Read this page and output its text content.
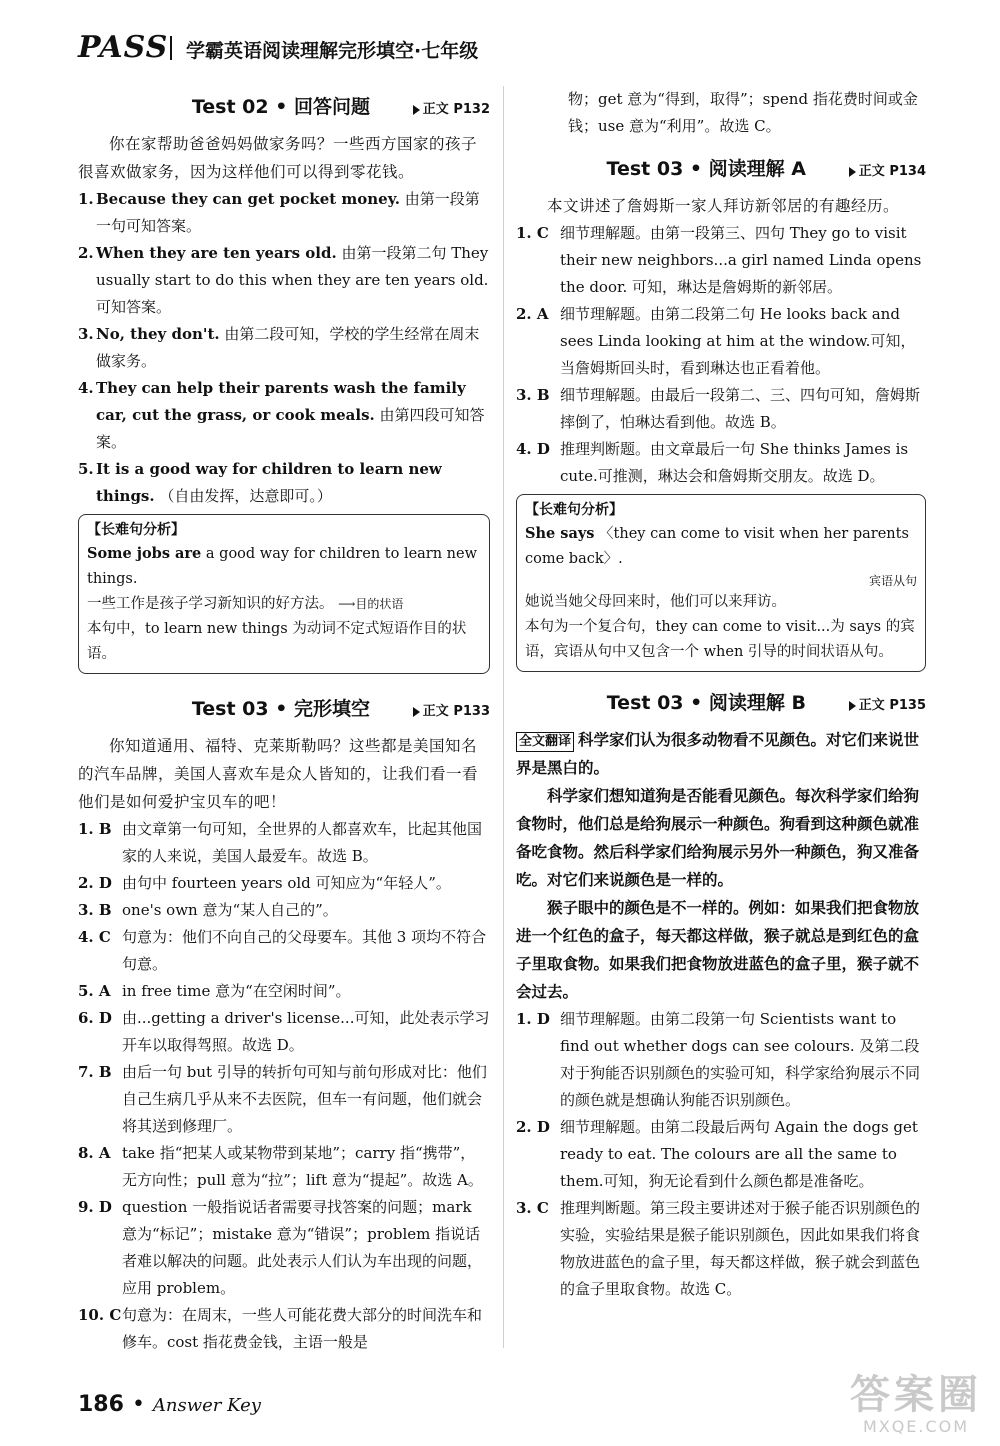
PASS 学霸英语阅读理解完形填空·七年级
Test 02 • 回答问题	正文 P132

你在家帮助爸爸妈妈做家务吗？一些西方国家的孩子很喜欢做家务，因为这样他们可以得到零花钱。

1. Because they can get pocket money. 由第一段第一句可知答案。
2. When they are ten years old. 由第一段第二句 They usually start to do this when they are ten years old.可知答案。
3. No, they don't. 由第二段可知，学校的学生经常在周末做家务。
4. They can help their parents wash the family car, cut the grass, or cook meals. 由第四段可知答案。
5. It is a good way for children to learn new things. （自由发挥，达意即可。）
【长难句分析】

Some jobs are a good way for children to learn new things.

一些工作是孩子学习新知识的好方法。 ⟶目的状语

本句中，to learn new things 为动词不定式短语作目的状语。

Test 03 • 完形填空	正文 P133

你知道通用、福特、克莱斯勒吗？这些都是美国知名的汽车品牌，美国人喜欢车是众人皆知的，让我们看一看他们是如何爱护宝贝车的吧！

1. B 由文章第一句可知，全世界的人都喜欢车，比起其他国家的人来说，美国人最爱车。故选 B。
2. D 由句中 fourteen years old 可知应为“年轻人”。
3. B one's own 意为“某人自己的”。
4. C 句意为：他们不向自己的父母要车。其他 3 项均不符合句意。
5. A in free time 意为“在空闲时间”。
6. D 由...getting a driver's license...可知，此处表示学习开车以取得驾照。故选 D。
7. B 由后一句 but 引导的转折句可知与前句形成对比：他们自己生病几乎从来不去医院，但车一有问题，他们就会将其送到修理厂。
8. A take 指“把某人或某物带到某地”；carry 指“携带”，无方向性；pull 意为“拉”；lift 意为“提起”。故选 A。
9. D question 一般指说话者需要寻找答案的问题；mark 意为“标记”；mistake 意为“错误”；problem 指说话者难以解决的问题。此处表示人们认为车出现的问题，应用 problem。
10. C 句意为：在周末，一些人可能花费大部分的时间洗车和修车。cost 指花费金钱，主语一般是

物；get 意为“得到，取得”；spend 指花费时间或金钱；use 意为“利用”。故选 C。

Test 03 • 阅读理解 A	正文 P134

本文讲述了詹姆斯一家人拜访新邻居的有趣经历。

1. C 细节理解题。由第一段第三、四句 They go to visit their new neighbors...a girl named Linda opens the door. 可知，琳达是詹姆斯的新邻居。
2. A 细节理解题。由第二段第二句 He looks back and sees Linda looking at him at the window.可知，当詹姆斯回头时，看到琳达也正看着他。
3. B 细节理解题。由最后一段第二、三、四句可知，詹姆斯摔倒了，怕琳达看到他。故选 B。
4. D 推理判断题。由文章最后一句 She thinks James is cute.可推测，琳达会和詹姆斯交朋友。故选 D。
【长难句分析】

She says 〈they can come to visit when her parents come back〉.

宾语从句

她说当她父母回来时，他们可以来拜访。

本句为一个复合句，they can come to visit...为 says 的宾语，宾语从句中又包含一个 when 引导的时间状语从句。

Test 03 • 阅读理解 B	正文 P135

全文翻译 科学家们认为很多动物看不见颜色。对它们来说世界是黑白的。

科学家们想知道狗是否能看见颜色。每次科学家们给狗食物时，他们总是给狗展示一种颜色。狗看到这种颜色就准备吃食物。然后科学家们给狗展示另外一种颜色，狗又准备吃。对它们来说颜色是一样的。

猴子眼中的颜色是不一样的。例如：如果我们把食物放进一个红色的盒子，每天都这样做，猴子就总是到红色的盒子里取食物。如果我们把食物放进蓝色的盒子里，猴子就不会过去。

1. D 细节理解题。由第二段第一句 Scientists want to find out whether dogs can see colours. 及第二段对于狗能否识别颜色的实验可知，科学家给狗展示不同的颜色就是想确认狗能否识别颜色。
2. D 细节理解题。由第二段最后两句 Again the dogs get ready to eat. The colours are all the same to them.可知，狗无论看到什么颜色都是准备吃。
3. C 推理判断题。第三段主要讲述对于猴子能否识别颜色的实验，实验结果是猴子能识别颜色，因此如果我们将食物放进蓝色的盒子里，每天都这样做，猴子就会到蓝色的盒子里取食物。故选 C。
186 • Answer Key	答案圈
MXQE.COM
